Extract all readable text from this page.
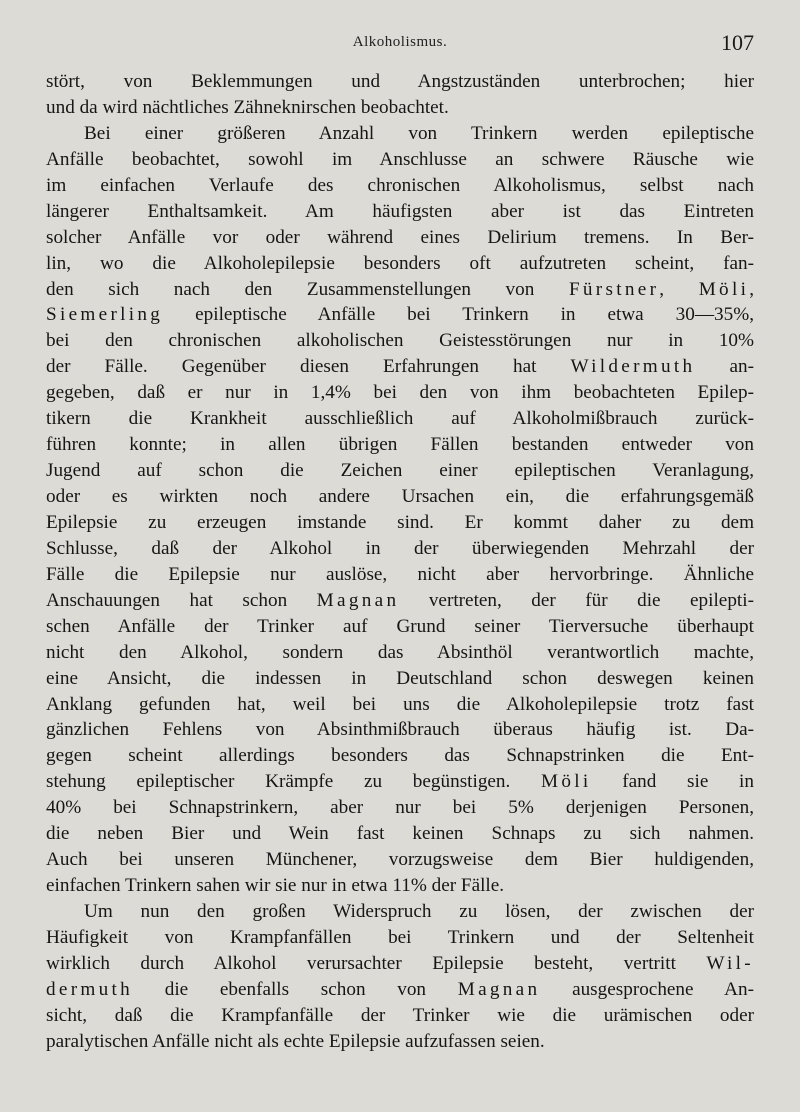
Alkoholismus.	107
stört, von Beklemmungen und Angstzuständen unterbrochen; hier
und da wird nächtliches Zähneknirschen beobachtet.
Bei einer größeren Anzahl von Trinkern werden epileptische
Anfälle beobachtet, sowohl im Anschlusse an schwere Räusche wie
im einfachen Verlaufe des chronischen Alkoholismus, selbst nach
längerer Enthaltsamkeit. Am häufigsten aber ist das Eintreten
solcher Anfälle vor oder während eines Delirium tremens. In Ber-
lin, wo die Alkoholepilepsie besonders oft aufzutreten scheint, fan-
den sich nach den Zusammenstellungen von Fürstner, Möli,
Siemerling epileptische Anfälle bei Trinkern in etwa 30—35%,
bei den chronischen alkoholischen Geistesstörungen nur in 10%
der Fälle. Gegenüber diesen Erfahrungen hat Wildermuth an-
gegeben, daß er nur in 1,4% bei den von ihm beobachteten Epilep-
tikern die Krankheit ausschließlich auf Alkoholmißbrauch zurück-
führen konnte; in allen übrigen Fällen bestanden entweder von
Jugend auf schon die Zeichen einer epileptischen Veranlagung,
oder es wirkten noch andere Ursachen ein, die erfahrungsgemäß
Epilepsie zu erzeugen imstande sind. Er kommt daher zu dem
Schlusse, daß der Alkohol in der überwiegenden Mehrzahl der
Fälle die Epilepsie nur auslöse, nicht aber hervorbringe. Ähnliche
Anschauungen hat schon Magnan vertreten, der für die epilepti-
schen Anfälle der Trinker auf Grund seiner Tierversuche überhaupt
nicht den Alkohol, sondern das Absinthöl verantwortlich machte,
eine Ansicht, die indessen in Deutschland schon deswegen keinen
Anklang gefunden hat, weil bei uns die Alkoholepilepsie trotz fast
gänzlichen Fehlens von Absinthmißbrauch überaus häufig ist. Da-
gegen scheint allerdings besonders das Schnapstrinken die Ent-
stehung epileptischer Krämpfe zu begünstigen. Möli fand sie in
40% bei Schnapstrinkern, aber nur bei 5% derjenigen Personen,
die neben Bier und Wein fast keinen Schnaps zu sich nahmen.
Auch bei unseren Münchener, vorzugsweise dem Bier huldigenden,
einfachen Trinkern sahen wir sie nur in etwa 11% der Fälle.
Um nun den großen Widerspruch zu lösen, der zwischen der
Häufigkeit von Krampfanfällen bei Trinkern und der Seltenheit
wirklich durch Alkohol verursachter Epilepsie besteht, vertritt Wil-
dermuth die ebenfalls schon von Magnan ausgesprochene An-
sicht, daß die Krampfanfälle der Trinker wie die urämischen oder
paralytischen Anfälle nicht als echte Epilepsie aufzufassen seien.
